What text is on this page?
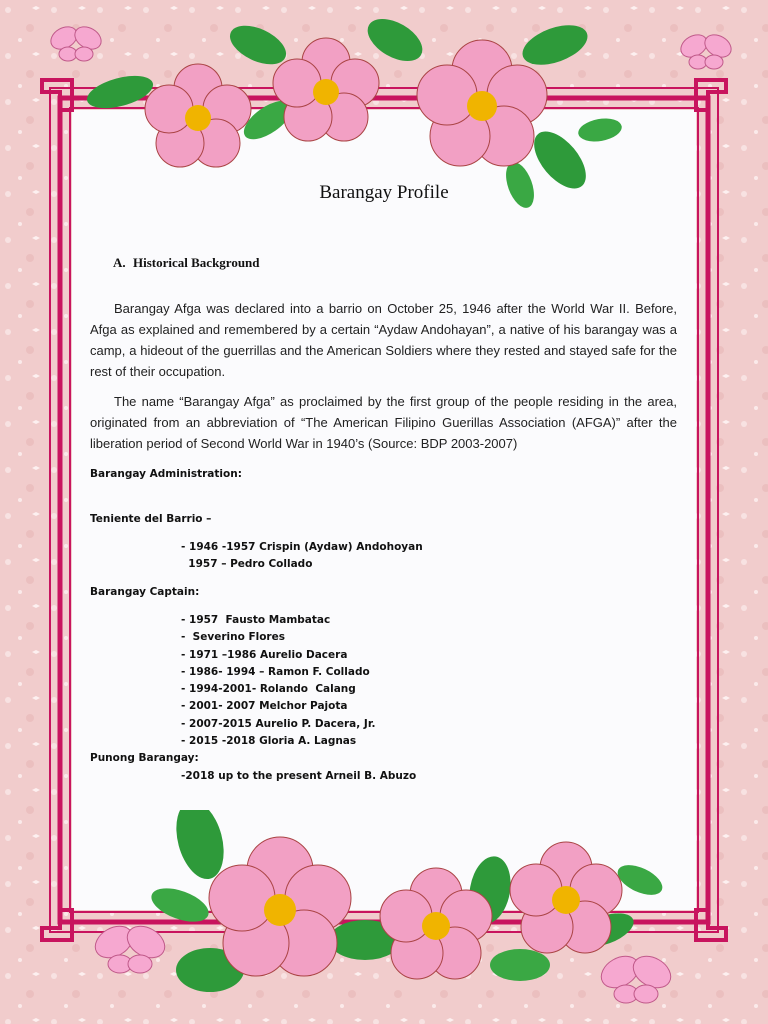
Barangay Profile
A. Historical Background

Barangay Afga was declared into a barrio on October 25, 1946 after the World War II. Before, Afga as explained and remembered by a certain “Aydaw Andohayan”, a native of his barangay was a camp, a hideout of the guerrillas and the American Soldiers where they rested and stayed safe for the rest of their occupation.

The name “Barangay Afga” as proclaimed by the first group of the people residing in the area, originated from an abbreviation of “The American Filipino Guerillas Association (AFGA)” after the liberation period of Second World War in 1940’s (Source: BDP 2003-2007)

Barangay Administration:
Teniente del Barrio –
- 1946 -1957 Crispin (Aydaw) Andohoyan
1957 – Pedro Collado
Barangay Captain:
- 1957  Fausto Mambatac
-  Severino Flores
- 1971 –1986 Aurelio Dacera
- 1986- 1994 – Ramon F. Collado
- 1994-2001- Rolando  Calang
- 2001- 2007 Melchor Pajota
- 2007-2015 Aurelio P. Dacera, Jr.
- 2015 -2018 Gloria A. Lagnas
Punong Barangay:
-2018 up to the present Arneil B. Abuzo
